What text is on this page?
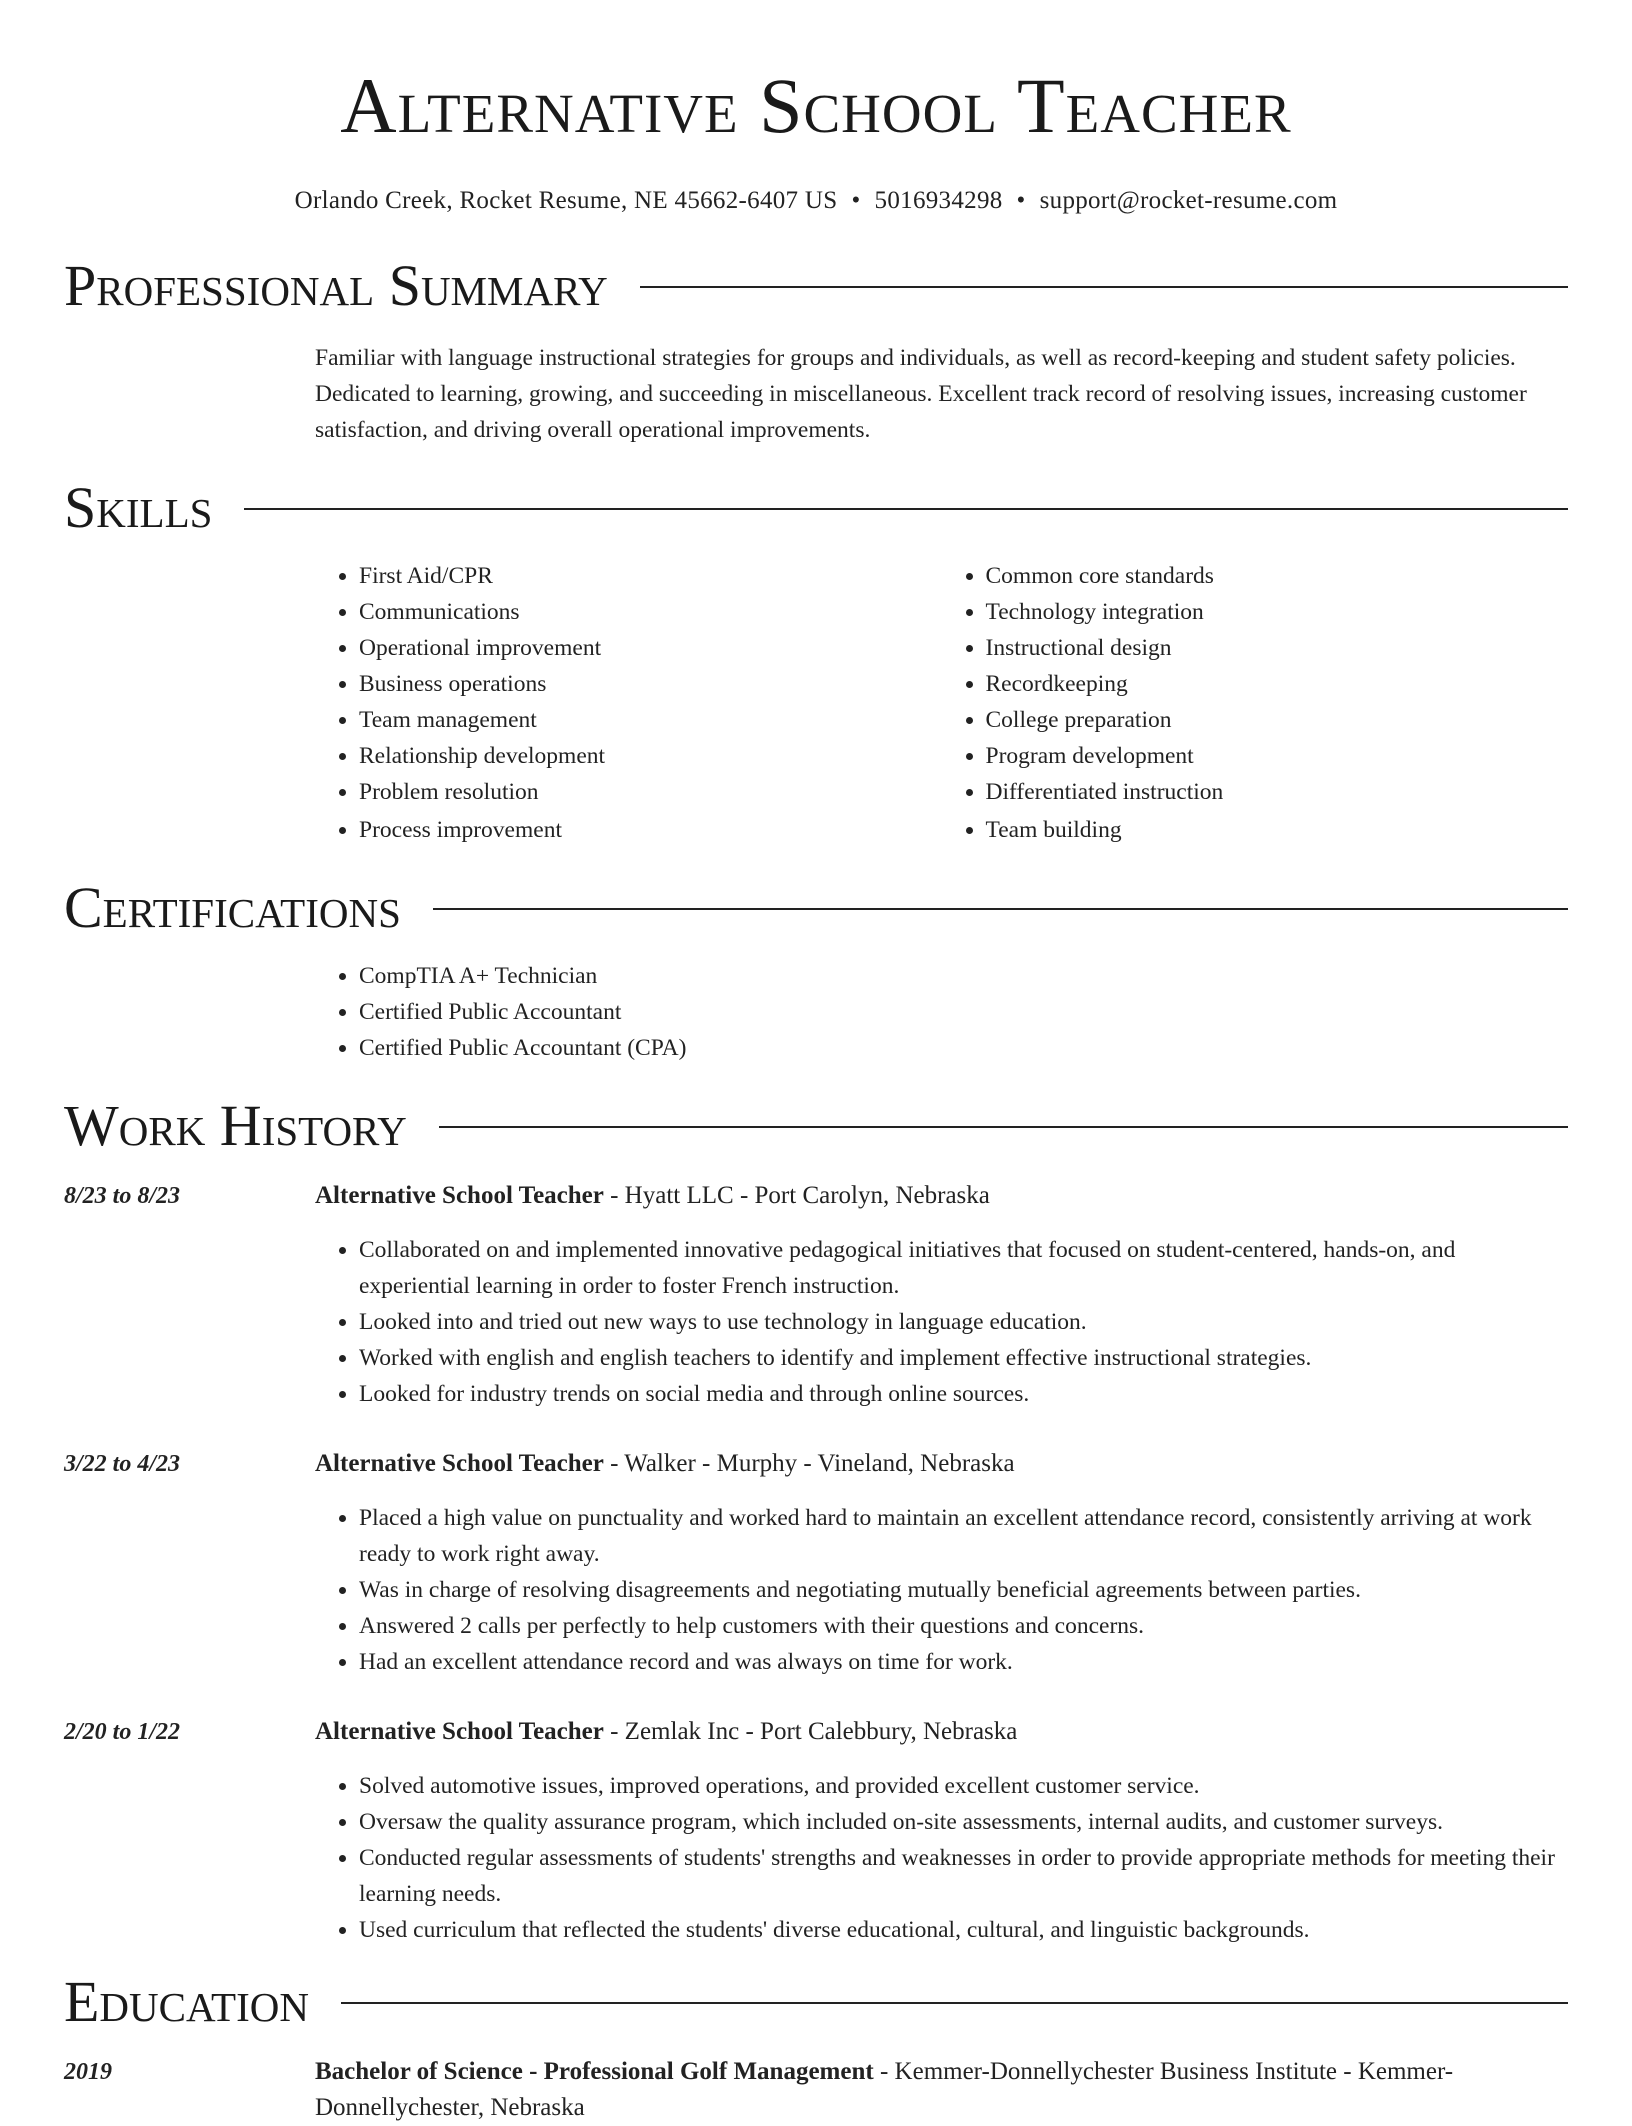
Alternative School Teacher
Orlando Creek, Rocket Resume, NE 45662-6407 US • 5016934298 • support@rocket-resume.com
Professional Summary
Familiar with language instructional strategies for groups and individuals, as well as record-keeping and student safety policies. Dedicated to learning, growing, and succeeding in miscellaneous. Excellent track record of resolving issues, increasing customer satisfaction, and driving overall operational improvements.
Skills
• First Aid/CPR
• Communications
• Operational improvement
• Business operations
• Team management
• Relationship development
• Problem resolution
• Process improvement
• Common core standards
• Technology integration
• Instructional design
• Recordkeeping
• College preparation
• Program development
• Differentiated instruction
• Team building
Certifications
• CompTIA A+ Technician
• Certified Public Accountant
• Certified Public Accountant (CPA)
Work History
8/23 to 8/23	Alternative School Teacher - Hyatt LLC - Port Carolyn, Nebraska
• Collaborated on and implemented innovative pedagogical initiatives that focused on student-centered, hands-on, and experiential learning in order to foster French instruction.
• Looked into and tried out new ways to use technology in language education.
• Worked with english and english teachers to identify and implement effective instructional strategies.
• Looked for industry trends on social media and through online sources.
3/22 to 4/23	Alternative School Teacher - Walker - Murphy - Vineland, Nebraska
• Placed a high value on punctuality and worked hard to maintain an excellent attendance record, consistently arriving at work ready to work right away.
• Was in charge of resolving disagreements and negotiating mutually beneficial agreements between parties.
• Answered 2 calls per perfectly to help customers with their questions and concerns.
• Had an excellent attendance record and was always on time for work.
2/20 to 1/22	Alternative School Teacher - Zemlak Inc - Port Calebbury, Nebraska
• Solved automotive issues, improved operations, and provided excellent customer service.
• Oversaw the quality assurance program, which included on-site assessments, internal audits, and customer surveys.
• Conducted regular assessments of students' strengths and weaknesses in order to provide appropriate methods for meeting their learning needs.
• Used curriculum that reflected the students' diverse educational, cultural, and linguistic backgrounds.
Education
2019	Bachelor of Science - Professional Golf Management - Kemmer-Donnellychester Business Institute - Kemmer-Donnellychester, Nebraska
